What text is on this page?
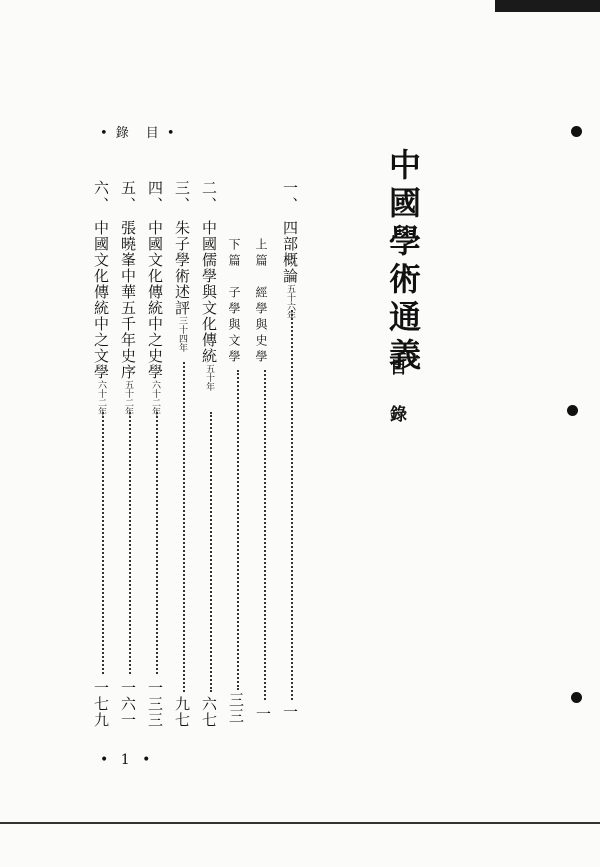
• 錄　目 •
中國學術通義
目錄
一、
四部概論五十六年
一
上篇　經學與史學
一
下篇　子學與文學
三三
二、
中國儒學與文化傳統五十年
六七
三、
朱子學術述評三十四年
九七
四、
中國文化傳統中之史學六十二年
一三三
五、
張曉峯中華五千年史序五十二年
一六一
六、
中國文化傳統中之文學六十二年
一七九
• 1 •
